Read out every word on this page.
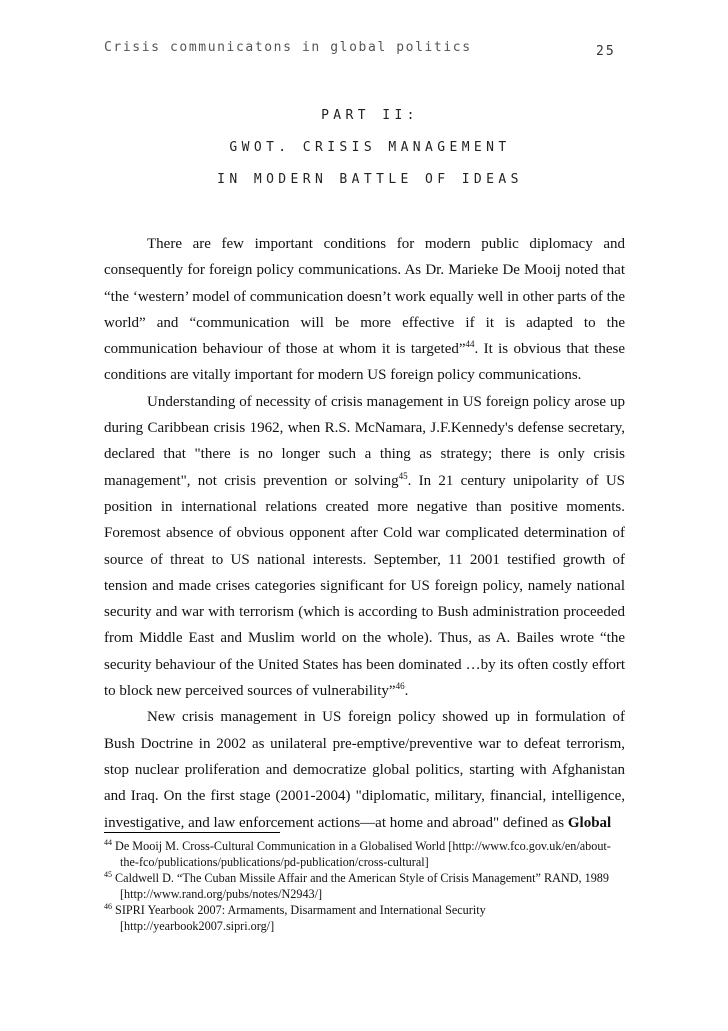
Crisis communicatons in global politics	25
PART II:
GWOT. CRISIS MANAGEMENT
IN MODERN BATTLE OF IDEAS

There are few important conditions for modern public diplomacy and consequently for foreign policy communications. As Dr. Marieke De Mooij noted that “the ‘western’ model of communication doesn’t work equally well in other parts of the world” and “communication will be more effective if it is adapted to the communication behaviour of those at whom it is targeted”$^{44}$. It is obvious that these conditions are vitally important for modern US foreign policy communications.

Understanding of necessity of crisis management in US foreign policy arose up during Caribbean crisis 1962, when R.S. McNamara, J.F.Kennedy's defense secretary, declared that "there is no longer such a thing as strategy; there is only crisis management", not crisis prevention or solving$^{45}$. In 21 century unipolarity of US position in international relations created more negative than positive moments. Foremost absence of obvious opponent after Cold war complicated determination of source of threat to US national interests. September, 11 2001 testified growth of tension and made crises categories significant for US foreign policy, namely national security and war with terrorism (which is according to Bush administration proceeded from Middle East and Muslim world on the whole). Thus, as A. Bailes wrote “the security behaviour of the United States has been dominated …by its often costly effort to block new perceived sources of vulnerability”$^{46}$.

New crisis management in US foreign policy showed up in formulation of Bush Doctrine in 2002 as unilateral pre-emptive/preventive war to defeat terrorism, stop nuclear proliferation and democratize global politics, starting with Afghanistan and Iraq. On the first stage (2001-2004) "diplomatic, military, financial, intelligence, investigative, and law enforcement actions—at home and abroad" defined as Global

$^{44}$ De Mooij M. Cross-Cultural Communication in a Globalised World [http://www.fco.gov.uk/en/about-the-fco/publications/publications/pd-publication/cross-cultural]

$^{45}$ Caldwell D. “The Cuban Missile Affair and the American Style of Crisis Management” RAND, 1989 [http://www.rand.org/pubs/notes/N2943/]

$^{46}$ SIPRI Yearbook 2007: Armaments, Disarmament and International Security [http://yearbook2007.sipri.org/]
